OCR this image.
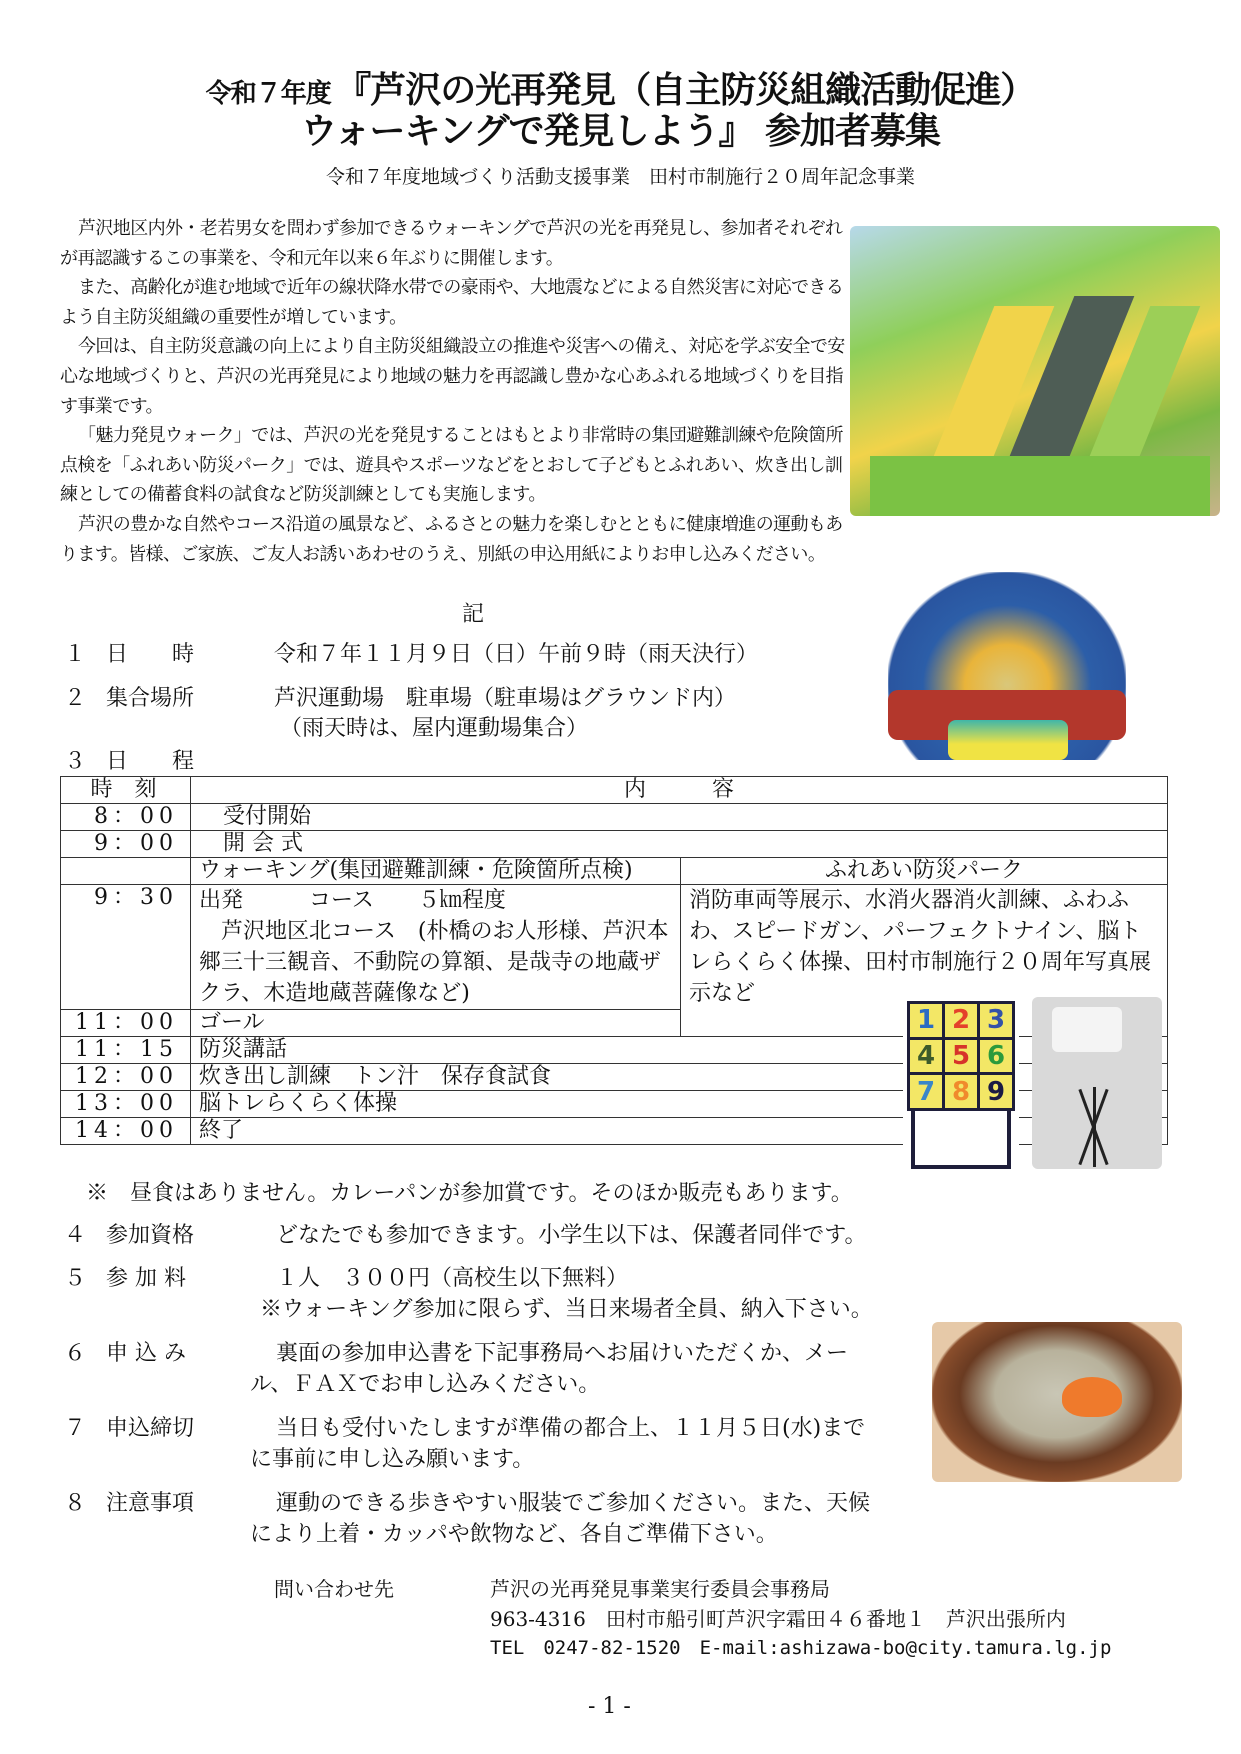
令和７年度 『芦沢の光再発見（自主防災組織活動促進）
ウォーキングで発見しよう』 参加者募集
令和７年度地域づくり活動支援事業　田村市制施行２０周年記念事業

芦沢地区内外・老若男女を問わず参加できるウォーキングで芦沢の光を再発見し、参加者それぞれが再認識するこの事業を、令和元年以来６年ぶりに開催します。

また、高齢化が進む地域で近年の線状降水帯での豪雨や、大地震などによる自然災害に対応できるよう自主防災組織の重要性が増しています。

今回は、自主防災意識の向上により自主防災組織設立の推進や災害への備え、対応を学ぶ安全で安心な地域づくりと、芦沢の光再発見により地域の魅力を再認識し豊かな心あふれる地域づくりを目指す事業です。

「魅力発見ウォーク」では、芦沢の光を発見することはもとより非常時の集団避難訓練や危険箇所点検を「ふれあい防災パーク」では、遊具やスポーツなどをとおして子どもとふれあい、炊き出し訓練としての備蓄食料の試食など防災訓練としても実施します。

芦沢の豊かな自然やコース沿道の風景など、ふるさとの魅力を楽しむとともに健康増進の運動もあります。皆様、ご家族、ご友人お誘いあわせのうえ、別紙の申込用紙によりお申し込みください。

記
１ 日　　時	令和７年１１月９日（日）午前９時（雨天決行）
２ 集合場所	芦沢運動場　駐車場（駐車場はグラウンド内）
（雨天時は、屋内運動場集合）
３ 日　　程
時　刻	内　　　容	
8：00	受付開始	
9：00	開 会 式	
	ウォーキング(集団避難訓練・危険箇所点検)	ふれあい防災パーク
9：30	出発　　　コース　　５㎞程度
芦沢地区北コース　(朴橋のお人形様、芦沢本郷三十三観音、不動院の算額、是哉寺の地蔵ザクラ、木造地蔵菩薩像など)	消防車両等展示、水消火器消火訓練、ふわふわ、スピードガン、パーフェクトナイン、脳トレらくらく体操、田村市制施行２０周年写真展示など
11：00	ゴール	
11：15	防災講話	
12：00	炊き出し訓練　トン汁　保存食試食	
13：00	脳トレらくらく体操	
14：00	終了	
1 2 3
4 5 6
7 8 9
※　昼食はありません。カレーパンが参加賞です。そのほか販売もあります。
４ 参加資格	どなたでも参加できます。小学生以下は、保護者同伴です。
５ 参 加 料	１人　３００円（高校生以下無料）
※ウォーキング参加に限らず、当日来場者全員、納入下さい。
６ 申 込 み	裏面の参加申込書を下記事務局へお届けいただくか、メー
ル、ＦＡＸでお申し込みください。
７ 申込締切	当日も受付いたしますが準備の都合上、１１月５日(水)まで
に事前に申し込み願います。
８ 注意事項	運動のできる歩きやすい服装でご参加ください。また、天候
により上着・カッパや飲物など、各自ご準備下さい。
問い合わせ先	芦沢の光再発見事業実行委員会事務局
963-4316　田村市船引町芦沢字霜田４６番地１　芦沢出張所内
TEL　0247-82-1520　E-mail:ashizawa-bo@city.tamura.lg.jp
- 1 -
